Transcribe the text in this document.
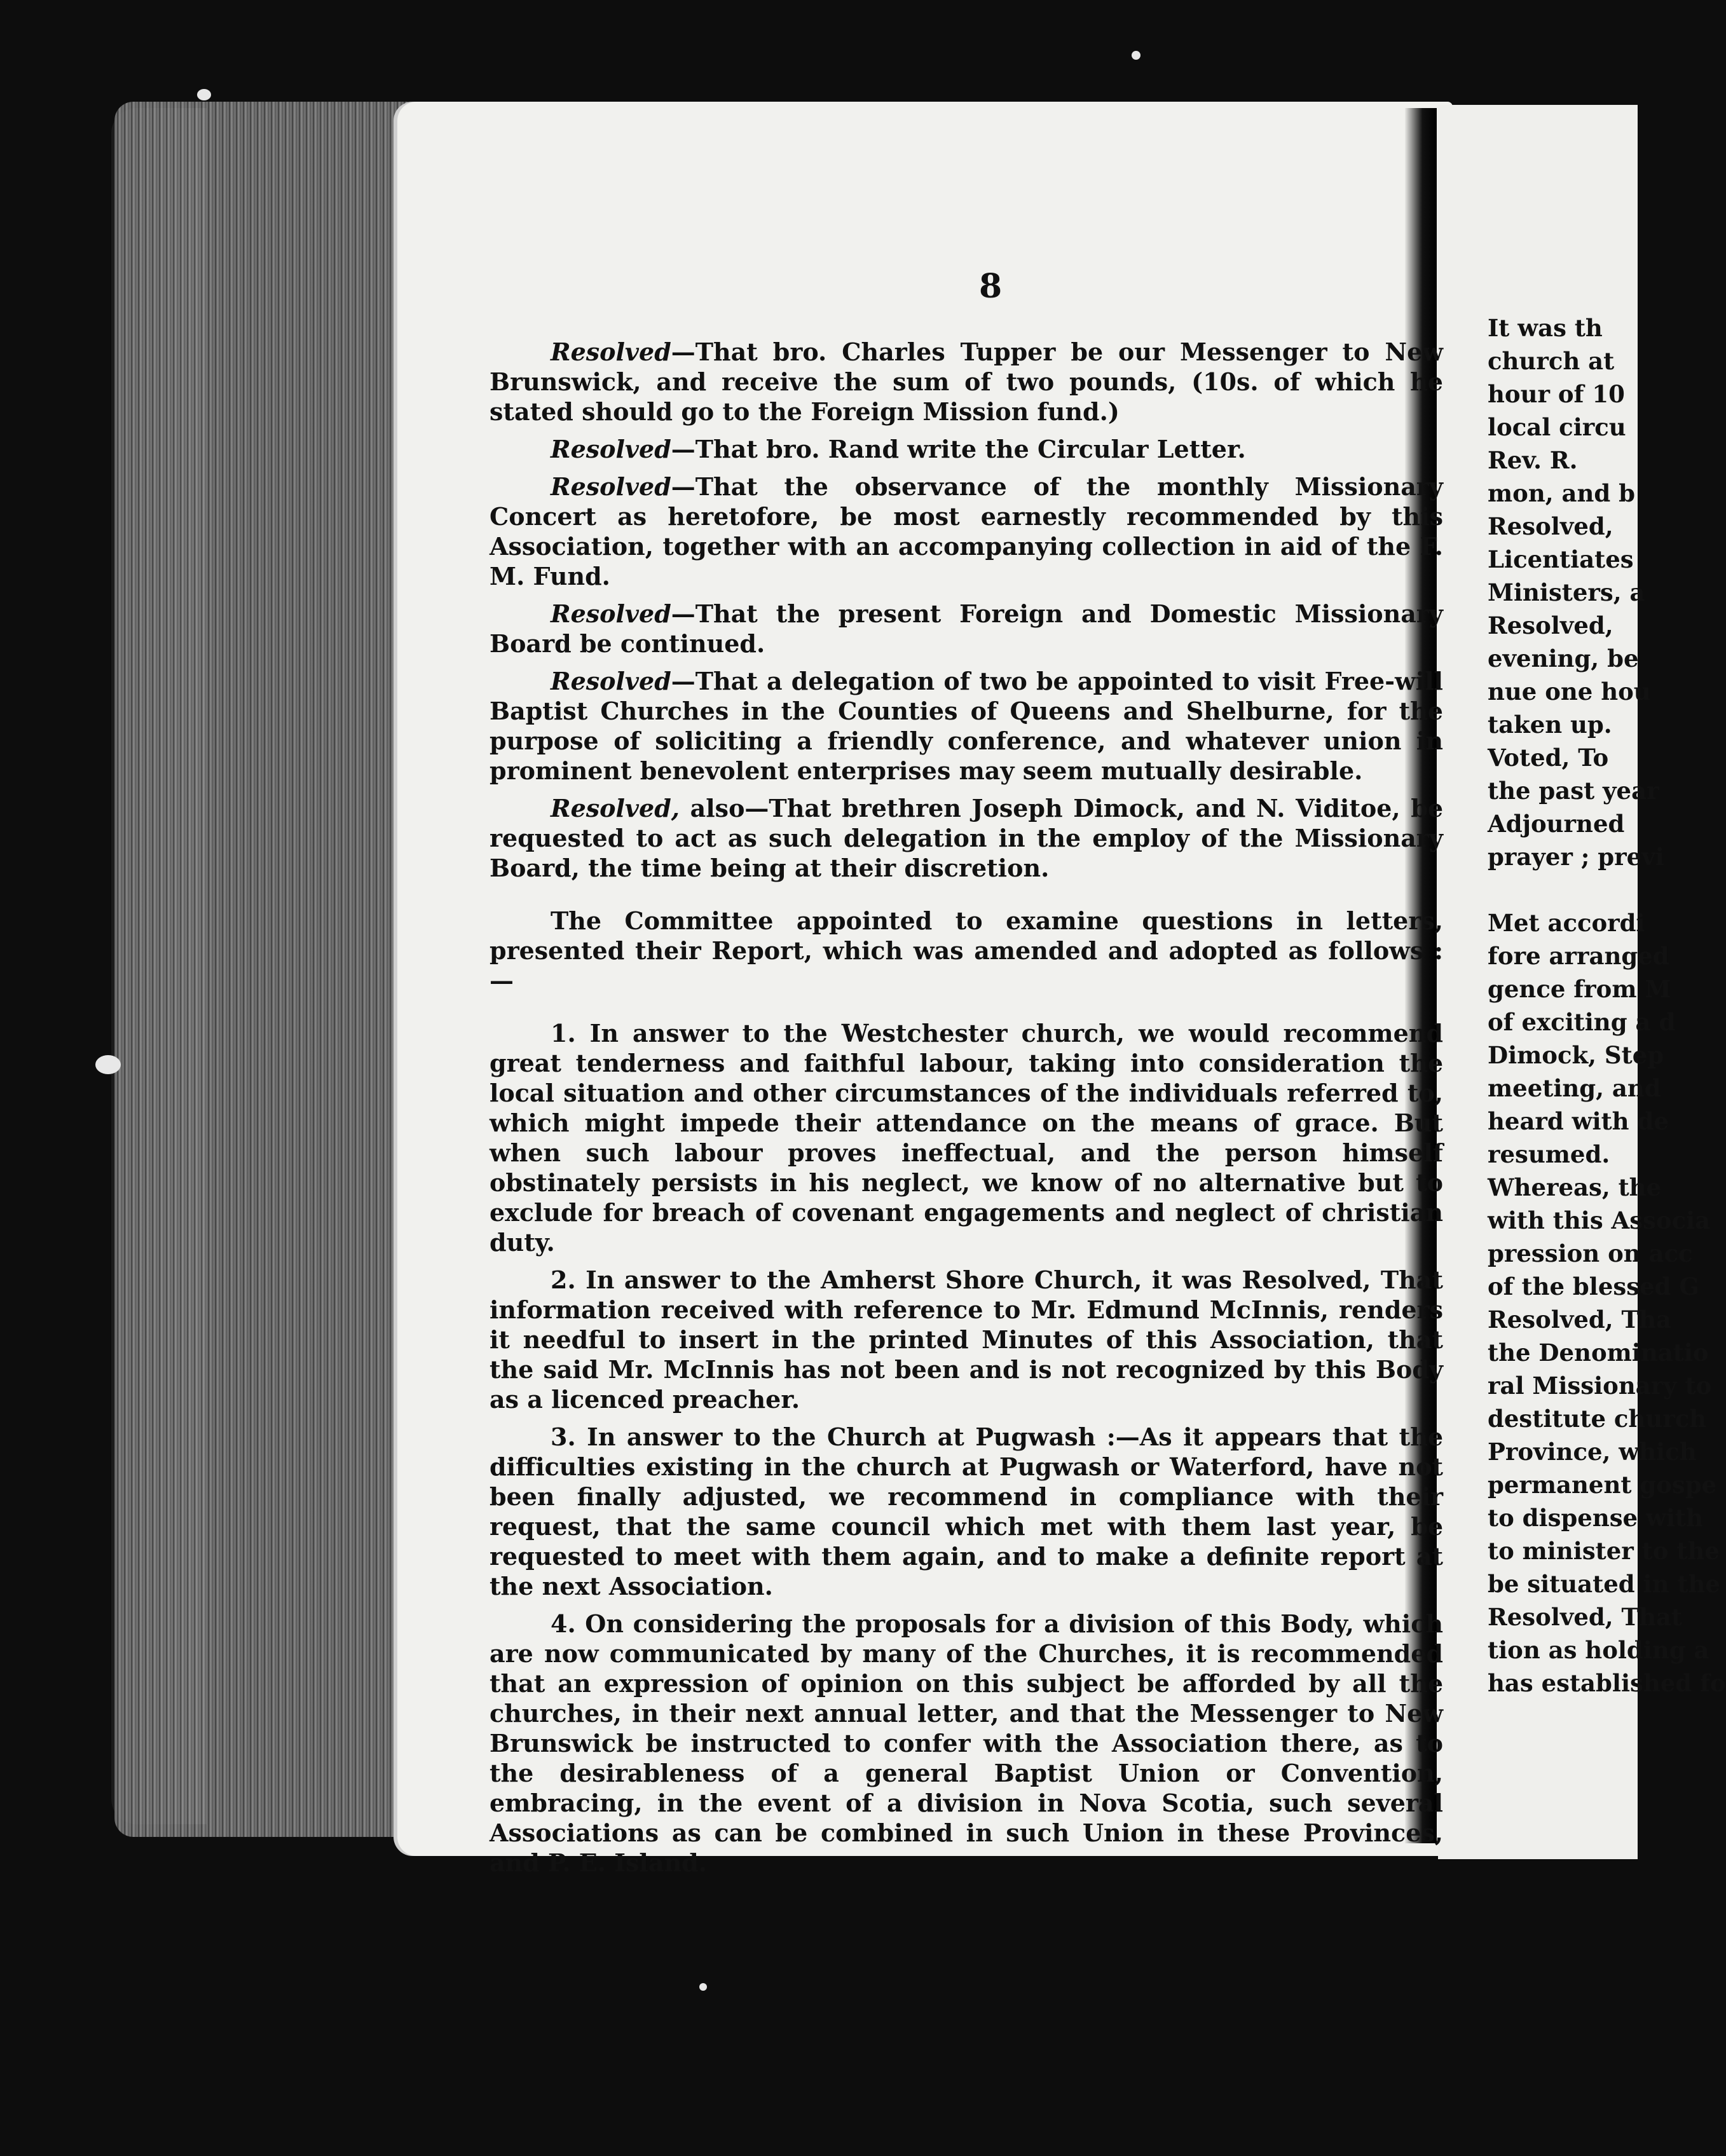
8

Resolved—That bro. Charles Tupper be our Messenger to New Brunswick, and receive the sum of two pounds, (10s. of which he stated should go to the Foreign Mission fund.)

Resolved—That bro. Rand write the Circular Letter.

Resolved—That the observance of the monthly Missionary Concert as heretofore, be most earnestly recommended by this Association, together with an accompanying collection in aid of the F. M. Fund.

Resolved—That the present Foreign and Domestic Missionary Board be continued.

Resolved—That a delegation of two be appointed to visit Free-will Baptist Churches in the Counties of Queens and Shelburne, for the purpose of soliciting a friendly conference, and whatever union in prominent benevolent enterprises may seem mutually desirable.

Resolved, also—That brethren Joseph Dimock, and N. Viditoe, be requested to act as such delegation in the employ of the Missionary Board, the time being at their discretion.

The Committee appointed to examine questions in letters, presented their Report, which was amended and adopted as follows :—

1. In answer to the Westchester church, we would recommend great tenderness and faithful labour, taking into consideration the local situation and other circumstances of the individuals referred to, which might impede their attendance on the means of grace. But when such labour proves ineffectual, and the person himself obstinately persists in his neglect, we know of no alternative but to exclude for breach of covenant engagements and neglect of christian duty.

2. In answer to the Amherst Shore Church, it was Resolved, That information received with reference to Mr. Edmund McInnis, renders it needful to insert in the printed Minutes of this Association, that the said Mr. McInnis has not been and is not recognized by this Body as a licenced preacher.

3. In answer to the Church at Pugwash :—As it appears that the difficulties existing in the church at Pugwash or Waterford, have not been finally adjusted, we recommend in compliance with their request, that the same council which met with them last year, be requested to meet with them again, and to make a definite report at the next Association.

4. On considering the proposals for a division of this Body, which are now communicated by many of the Churches, it is recommended that an expression of opinion on this subject be afforded by all the churches, in their next annual letter, and that the Messenger to New Brunswick be instructed to confer with the Association there, as to the desirableness of a general Baptist Union or Convention, embracing, in the event of a division in Nova Scotia, such several Associations as can be combined in such Union in these Provinces, and P. E. Island.

It was th
church at
hour of 10
local circu
Rev. R.
mon, and b
Resolved,
Licentiates
Ministers, a
Resolved,
evening, be
nue one hou
taken up.
Voted, To
the past year
Adjourned
prayer ; previ
Met accordi
fore arranged
gence from M
of exciting a d
Dimock, Step
meeting, and
heard with de
resumed.
Whereas, the
with this Associa
pression on acc
of the blessed G
Resolved, Tha
the Denominatio
ral Missionary to
destitute church
Province, which
permanent gospe
to dispense with
to minister to the
be situated in the
Resolved, That
tion as holding a
has established fo
